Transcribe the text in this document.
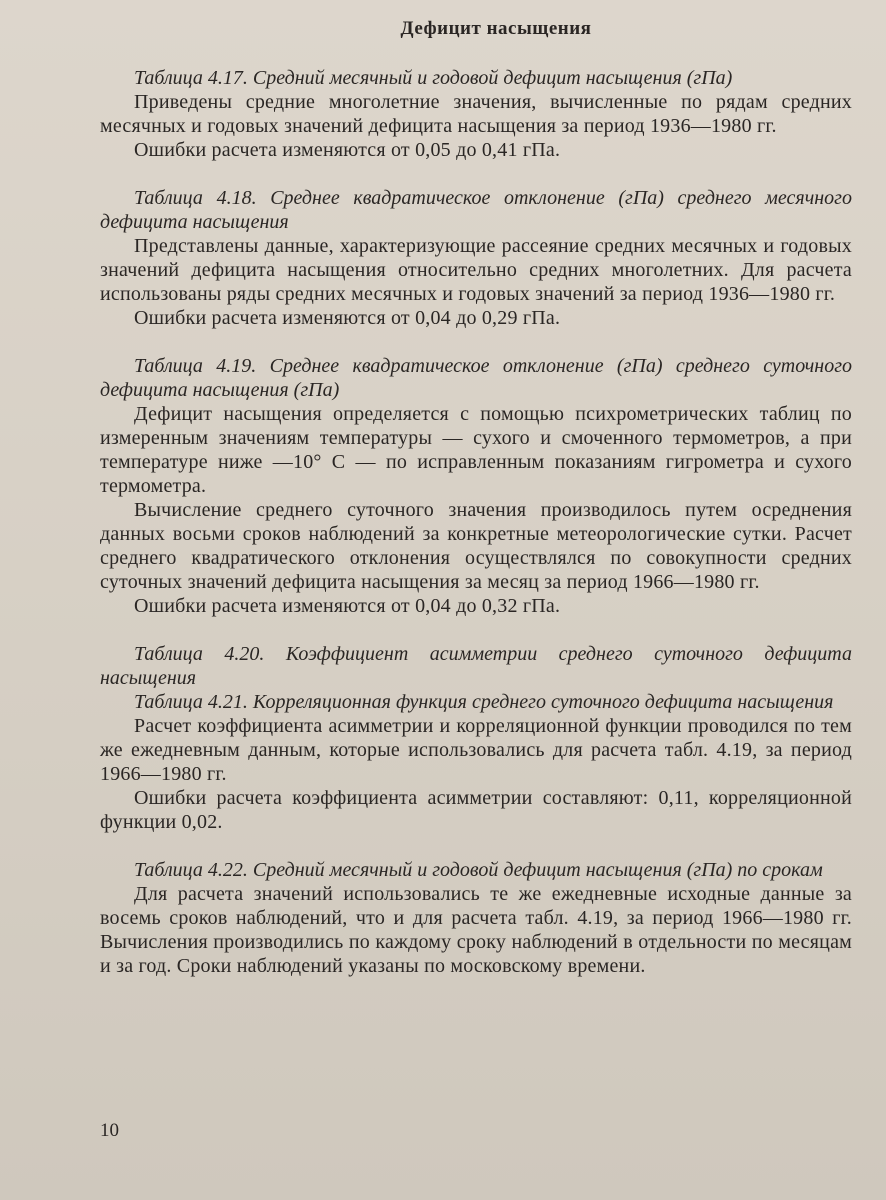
Дефицит насыщения

Таблица 4.17. Средний месячный и годовой дефицит насыщения (гПа)

Приведены средние многолетние значения, вычисленные по рядам средних месячных и годовых значений дефицита насыщения за период 1936—1980 гг.

Ошибки расчета изменяются от 0,05 до 0,41 гПа.

Таблица 4.18. Среднее квадратическое отклонение (гПа) среднего месячного дефицита насыщения

Представлены данные, характеризующие рассеяние средних месячных и годовых значений дефицита насыщения относительно средних многолетних. Для расчета использованы ряды средних месячных и годовых значений за период 1936—1980 гг.

Ошибки расчета изменяются от 0,04 до 0,29 гПа.

Таблица 4.19. Среднее квадратическое отклонение (гПа) среднего суточного дефицита насыщения (гПа)

Дефицит насыщения определяется с помощью психрометрических таблиц по измеренным значениям температуры — сухого и смоченного термометров, а при температуре ниже —10° С — по исправленным показаниям гигрометра и сухого термометра.

Вычисление среднего суточного значения производилось путем осреднения данных восьми сроков наблюдений за конкретные метеорологические сутки. Расчет среднего квадратического отклонения осуществлялся по совокупности средних суточных значений дефицита насыщения за месяц за период 1966—1980 гг.

Ошибки расчета изменяются от 0,04 до 0,32 гПа.

Таблица 4.20. Коэффициент асимметрии среднего суточного дефицита насыщения

Таблица 4.21. Корреляционная функция среднего суточного дефицита насыщения

Расчет коэффициента асимметрии и корреляционной функции проводился по тем же ежедневным данным, которые использовались для расчета табл. 4.19, за период 1966—1980 гг.

Ошибки расчета коэффициента асимметрии составляют: 0,11, корреляционной функции 0,02.

Таблица 4.22. Средний месячный и годовой дефицит насыщения (гПа) по срокам

Для расчета значений использовались те же ежедневные исходные данные за восемь сроков наблюдений, что и для расчета табл. 4.19, за период 1966—1980 гг. Вычисления производились по каждому сроку наблюдений в отдельности по месяцам и за год. Сроки наблюдений указаны по московскому времени.

10
